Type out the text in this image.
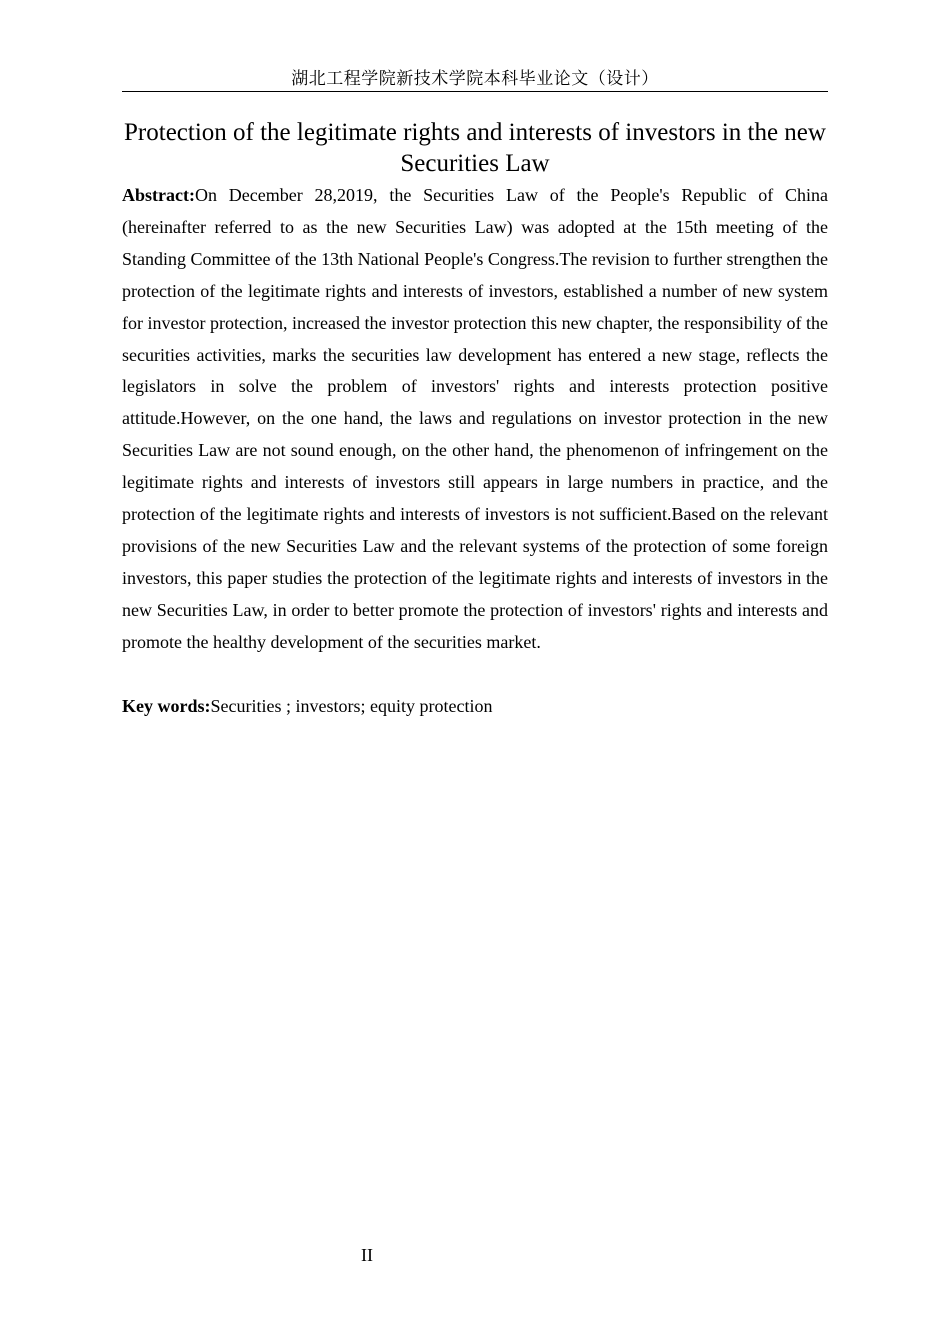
湖北工程学院新技术学院本科毕业论文（设计）
Protection of the legitimate rights and interests of investors in the new Securities Law

Abstract:On December 28,2019, the Securities Law of the People's Republic of China (hereinafter referred to as the new Securities Law) was adopted at the 15th meeting of the Standing Committee of the 13th National People's Congress.The revision to further strengthen the protection of the legitimate rights and interests of investors, established a number of new system for investor protection, increased the investor protection this new chapter, the responsibility of the securities activities, marks the securities law development has entered a new stage, reflects the legislators in solve the problem of investors' rights and interests protection positive attitude.However, on the one hand, the laws and regulations on investor protection in the new Securities Law are not sound enough, on the other hand, the phenomenon of infringement on the legitimate rights and interests of investors still appears in large numbers in practice, and the protection of the legitimate rights and interests of investors is not sufficient.Based on the relevant provisions of the new Securities Law and the relevant systems of the protection of some foreign investors, this paper studies the protection of the legitimate rights and interests of investors in the new Securities Law, in order to better promote the protection of investors' rights and interests and promote the healthy development of the securities market.

Key words:Securities ; investors; equity protection

II
